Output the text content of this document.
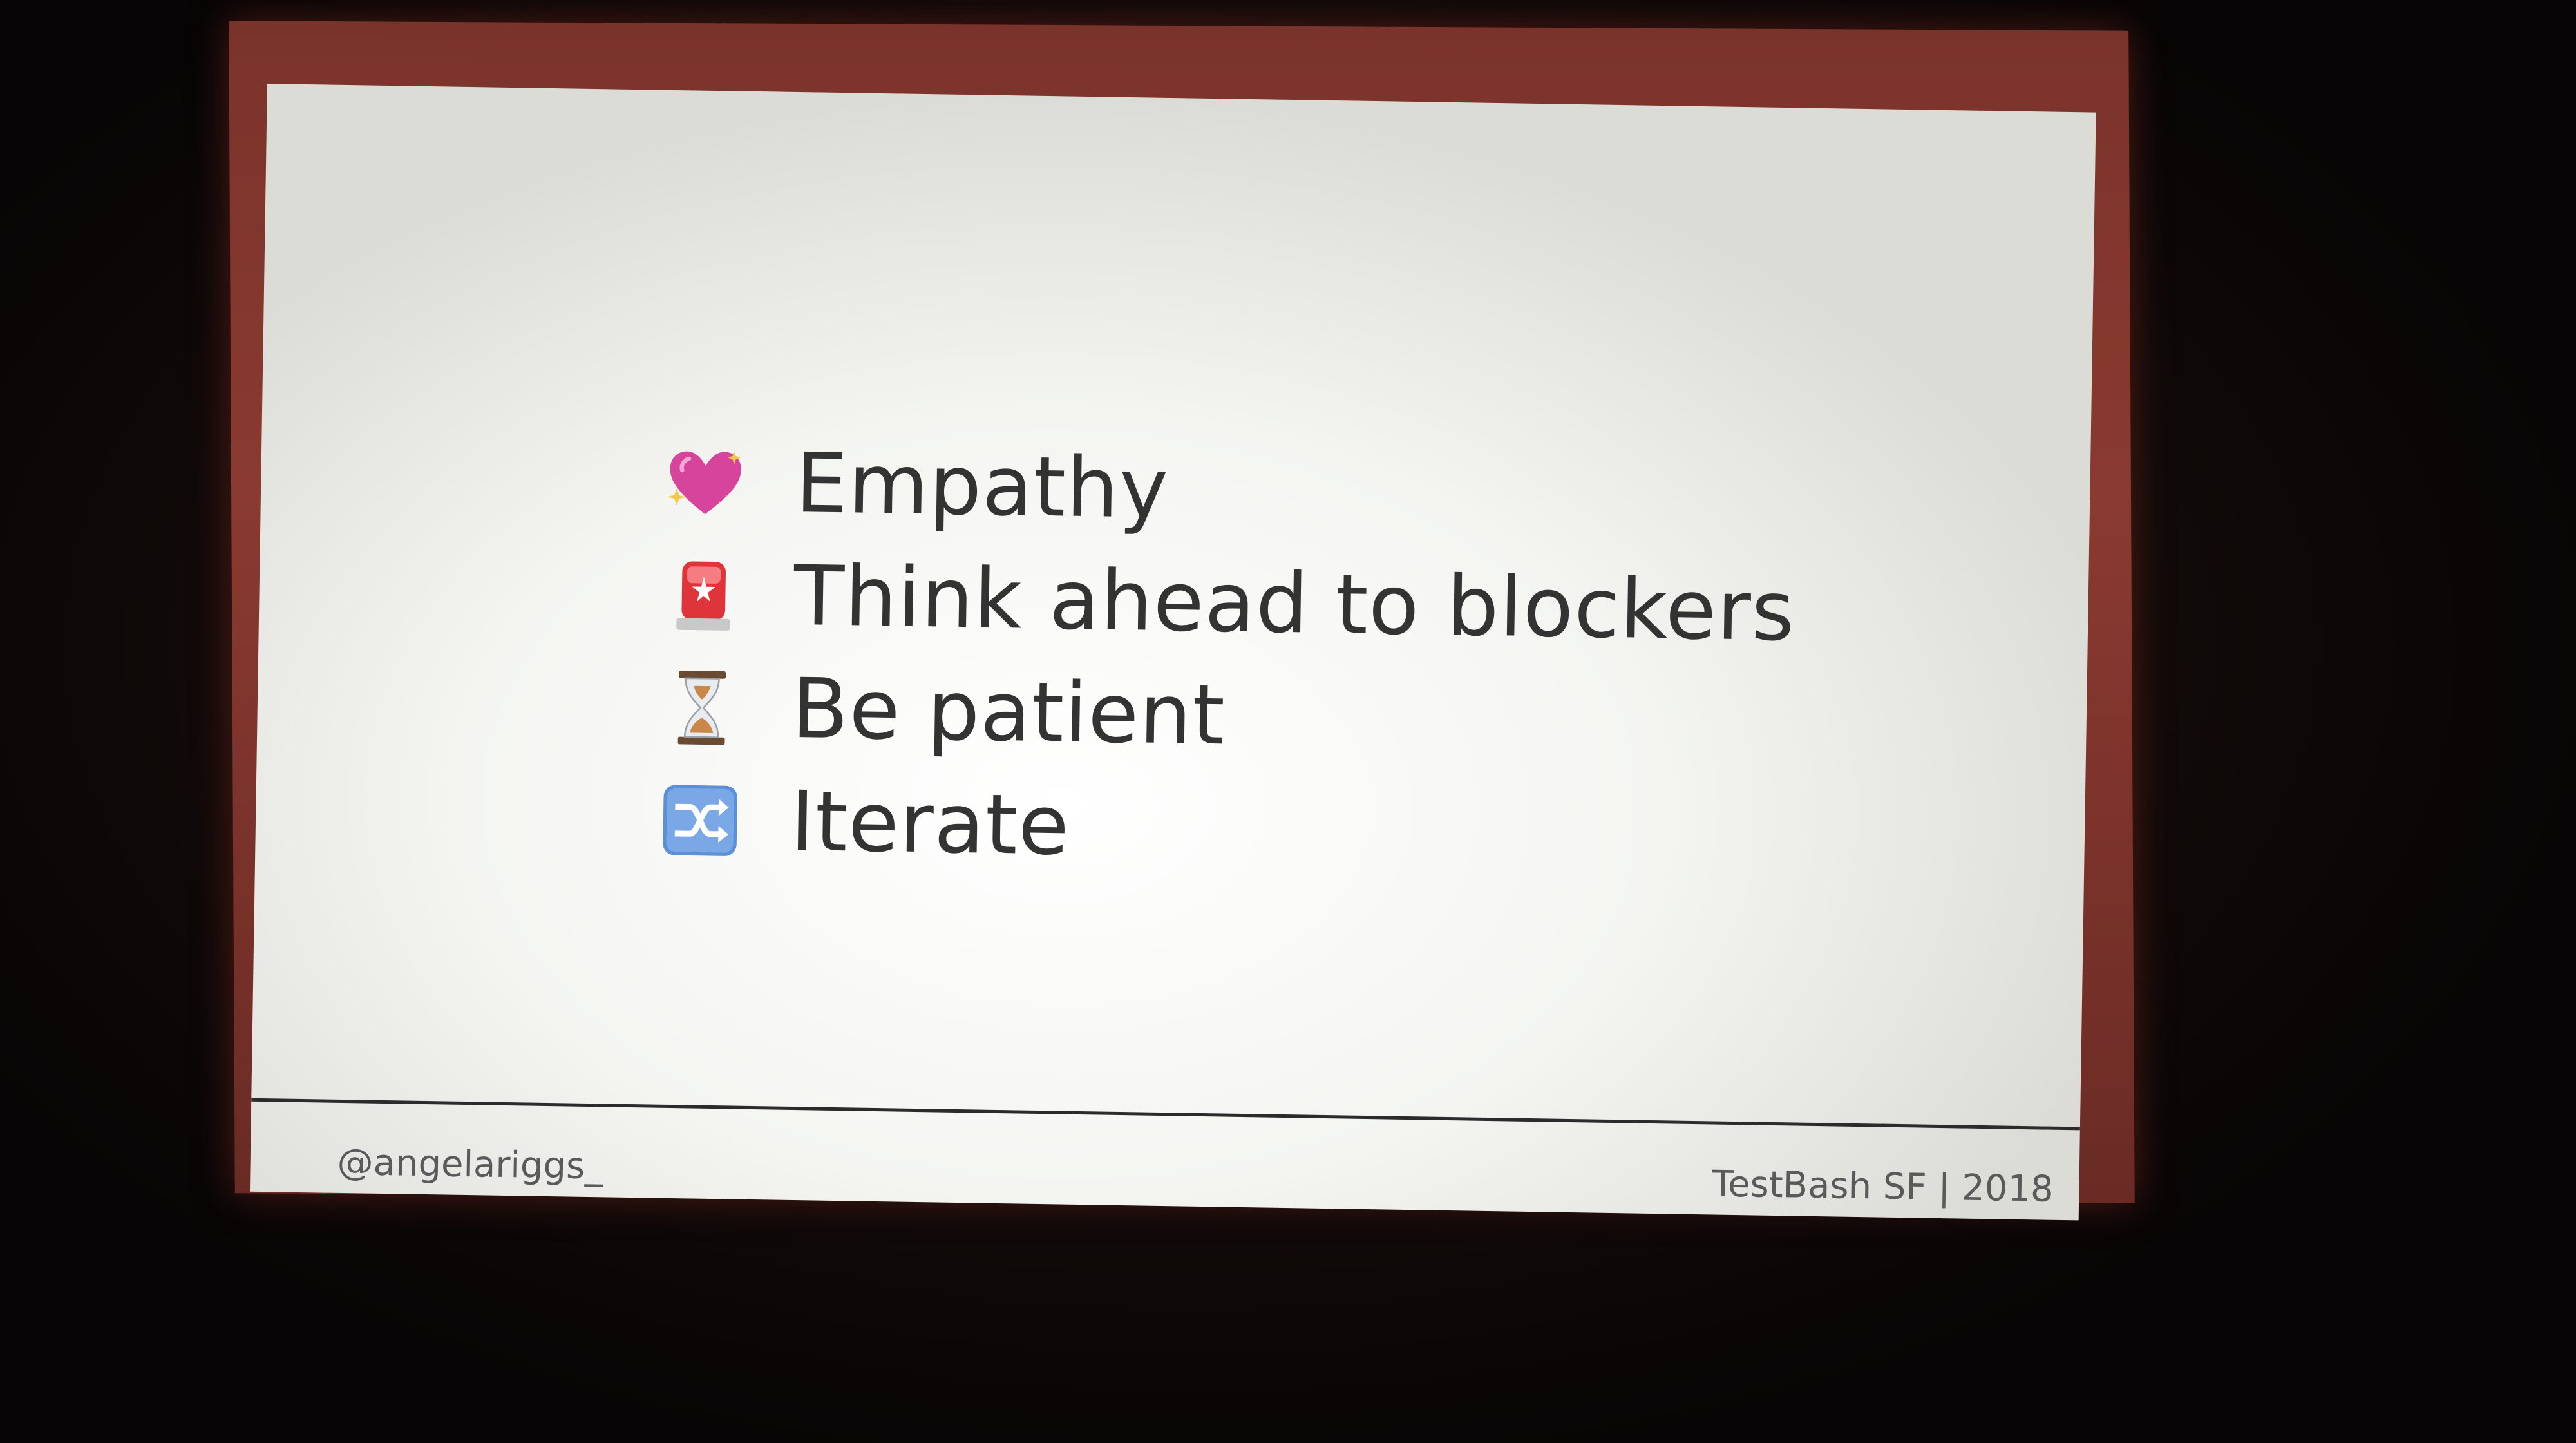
Empathy
Think ahead to blockers
Be patient
Iterate
@angelariggs_	TestBash SF | 2018
